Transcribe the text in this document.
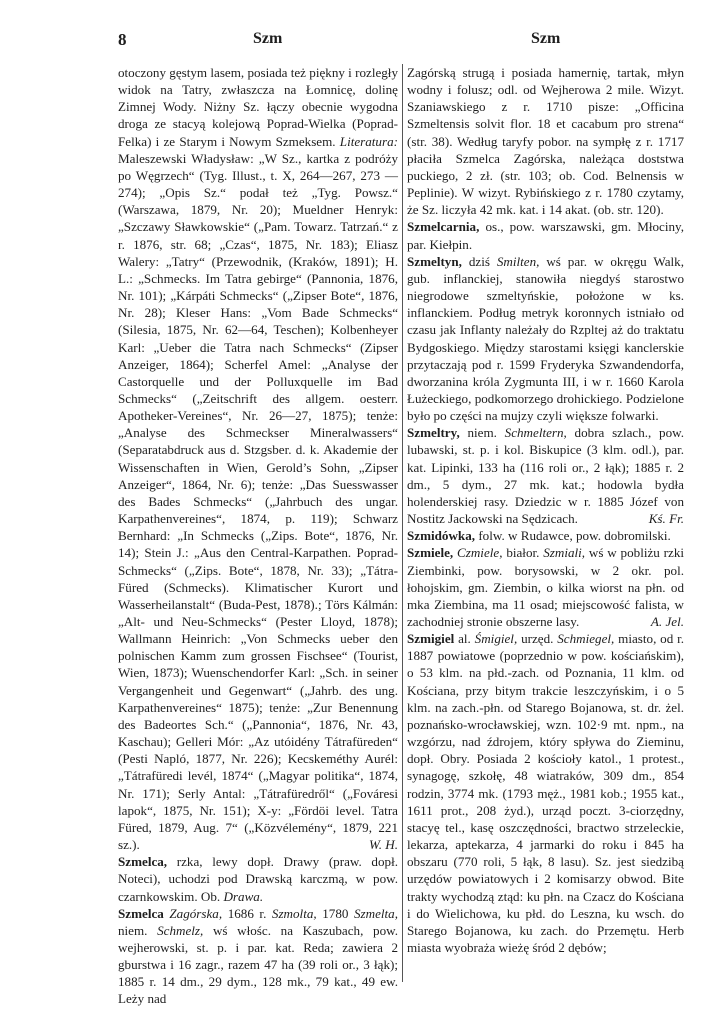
8	Szm	Szm

otoczony gęstym lasem, posiada też piękny i rozległy widok na Tatry, zwłaszcza na Łomnicę, dolinę Zimnej Wody. Niżny Sz. łączy obecnie wygodna droga ze stacyą kolejową Poprad-Wielka (Poprad-Felka) i ze Starym i Nowym Szmeksem. Literatura: Maleszewski Władysław: „W Sz., kartka z podróży po Węgrzech“ (Tyg. Illust., t. X, 264—267, 273 —274); „Opis Sz.“ podał też „Tyg. Powsz.“ (Warszawa, 1879, Nr. 20); Mueldner Henryk: „Szczawy Sławkowskie“ („Pam. Towarz. Tatrzań.“ z r. 1876, str. 68; „Czas“, 1875, Nr. 183); Eliasz Walery: „Tatry“ (Przewodnik, (Kraków, 1891); H. L.: „Schmecks. Im Tatra gebirge“ (Pannonia, 1876, Nr. 101); „Kárpáti Schmecks“ („Zipser Bote“, 1876, Nr. 28); Kleser Hans: „Vom Bade Schmecks“ (Silesia, 1875, Nr. 62—64, Teschen); Kolbenheyer Karl: „Ueber die Tatra nach Schmecks“ (Zipser Anzeiger, 1864); Scherfel Amel: „Analyse der Castorquelle und der Polluxquelle im Bad Schmecks“ („Zeitschrift des allgem. oesterr. Apotheker-Vereines“, Nr. 26—27, 1875); tenże: „Analyse des Schmeckser Mineralwassers“ (Separatabdruck aus d. Stzgsber. d. k. Akademie der Wissenschaften in Wien, Gerold’s Sohn, „Zipser Anzeiger“, 1864, Nr. 6); tenże: „Das Suesswasser des Bades Schmecks“ („Jahrbuch des ungar. Karpathenvereines“, 1874, p. 119); Schwarz Bernhard: „In Schmecks („Zips. Bote“, 1876, Nr. 14); Stein J.: „Aus den Central-Karpathen. Poprad-Schmecks“ („Zips. Bote“, 1878, Nr. 33); „Tátra-Füred (Schmecks). Klimatischer Kurort und Wasserheilanstalt“ (Buda-Pest, 1878).; Törs Kálmán: „Alt- und Neu-Schmecks“ (Pester Lloyd, 1878); Wallmann Heinrich: „Von Schmecks ueber den polnischen Kamm zum grossen Fischsee“ (Tourist, Wien, 1873); Wuenschendorfer Karl: „Sch. in seiner Vergangenheit und Gegenwart“ („Jahrb. des ung. Karpathenvereines“ 1875); tenże: „Zur Benennung des Badeortes Sch.“ („Pannonia“, 1876, Nr. 43, Kaschau); Gelleri Mór: „Az utóidény Tátrafüreden“ (Pesti Napló, 1877, Nr. 226); Kecskeméthy Aurél: „Tátrafüredi levél, 1874“ („Magyar politika“, 1874, Nr. 171); Serly Antal: „Tátrafüredről“ („Fováresi lapok“, 1875, Nr. 151); X-y: „Fördöi level. Tatra Füred, 1879, Aug. 7“ („Közvélemény“, 1879, 221 sz.).	W. H.

Szmelca, rzka, lewy dopł. Drawy (praw. dopł. Noteci), uchodzi pod Drawską karczmą, w pow. czarnkowskim. Ob. Drawa.

Szmelca Zagórska, 1686 r. Szmolta, 1780 Szmelta, niem. Schmelz, wś włośc. na Kaszubach, pow. wejherowski, st. p. i par. kat. Reda; zawiera 2 gburstwa i 16 zagr., razem 47 ha (39 roli or., 3 łąk); 1885 r. 14 dm., 29 dym., 128 mk., 79 kat., 49 ew. Leży nad

Zagórską strugą i posiada hamernię, tartak, młyn wodny i folusz; odl. od Wejherowa 2 mile. Wizyt. Szaniawskiego z r. 1710 pisze: „Officina Szmeltensis solvit flor. 18 et cacabum pro strena“ (str. 38). Według taryfy pobor. na sympłę z r. 1717 płaciła Szmelca Zagórska, należąca doststwa puckiego, 2 zł. (str. 103; ob. Cod. Belnensis w Peplinie). W wizyt. Rybińskiego z r. 1780 czytamy, że Sz. liczyła 42 mk. kat. i 14 akat. (ob. str. 120).

Szmelcarnia, os., pow. warszawski, gm. Młociny, par. Kiełpin.

Szmeltyn, dziś Smilten, wś par. w okręgu Walk, gub. inflanckiej, stanowiła niegdyś starostwo niegrodowe szmeltyńskie, położone w ks. inflanckiem. Podług metryk koronnych istniało od czasu jak Inflanty należały do Rzpltej aż do traktatu Bydgoskiego. Między starostami księgi kanclerskie przytaczają pod r. 1599 Fryderyka Szwandendorfa, dworzanina króla Zygmunta III, i w r. 1660 Karola Łużeckiego, podkomorzego drohickiego. Podzielone było po części na mujzy czyli większe folwarki.

Szmeltry, niem. Schmeltern, dobra szlach., pow. lubawski, st. p. i kol. Biskupice (3 klm. odl.), par. kat. Lipinki, 133 ha (116 roli or., 2 łąk); 1885 r. 2 dm., 5 dym., 27 mk. kat.; hodowla bydła holenderskiej rasy. Dziedzic w r. 1885 Józef von Nostitz Jackowski na Sędzicach.	Kś. Fr.

Szmidówka, folw. w Rudawce, pow. dobromilski.

Szmiele, Czmiele, białor. Szmiali, wś w pobliżu rzki Ziembinki, pow. borysowski, w 2 okr. pol. łohojskim, gm. Ziembin, o kilka wiorst na płn. od mka Ziembina, ma 11 osad; miejscowość falista, w zachodniej stronie obszerne lasy.	A. Jel.

Szmigiel al. Śmigiel, urzęd. Schmiegel, miasto, od r. 1887 powiatowe (poprzednio w pow. kościańskim), o 53 klm. na płd.-zach. od Poznania, 11 klm. od Kościana, przy bitym trakcie leszczyńskim, i o 5 klm. na zach.-płn. od Starego Bojanowa, st. dr. żel. poznańsko-wrocławskiej, wzn. 102·9 mt. npm., na wzgórzu, nad źdrojem, który spływa do Zieminu, dopł. Obry. Posiada 2 kościoły katol., 1 protest., synagogę, szkołę, 48 wiatraków, 309 dm., 854 rodzin, 3774 mk. (1793 męż., 1981 kob.; 1955 kat., 1611 prot., 208 żyd.), urząd poczt. 3-ciorzędny, stacyę tel., kasę oszczędności, bractwo strzeleckie, lekarza, aptekarza, 4 jarmarki do roku i 845 ha obszaru (770 roli, 5 łąk, 8 lasu). Sz. jest siedzibą urzędów powiatowych i 2 komisarzy obwod. Bite trakty wychodzą ztąd: ku płn. na Czacz do Kościana i do Wielichowa, ku płd. do Leszna, ku wsch. do Starego Bojanowa, ku zach. do Przemętu. Herb miasta wyobraża wieżę śród 2 dębów;
